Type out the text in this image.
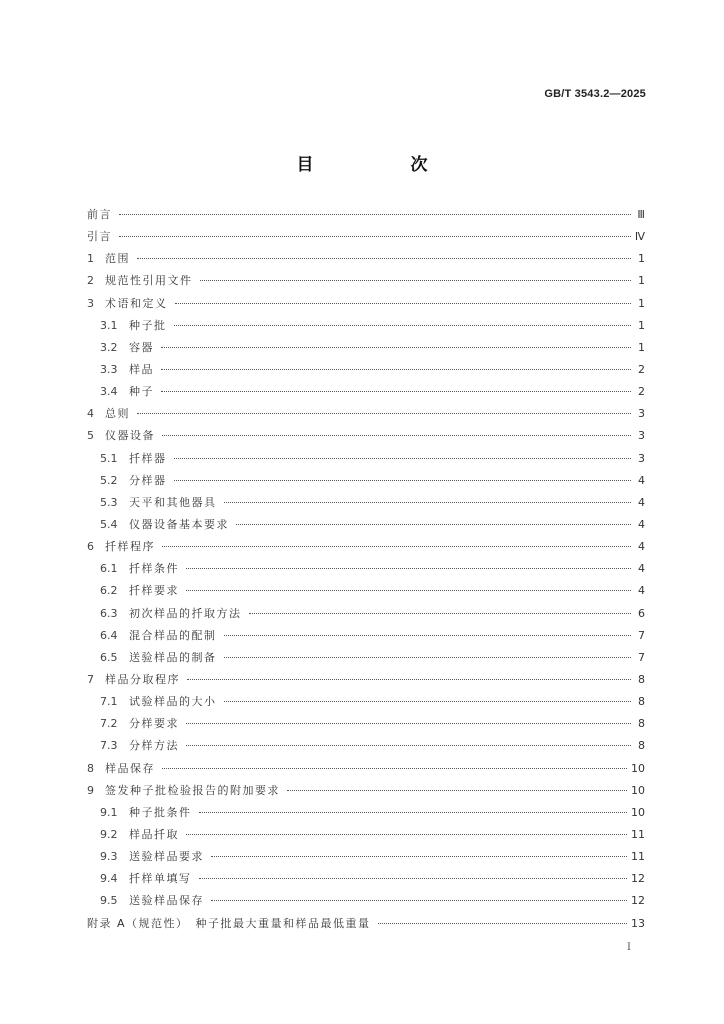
GB/T 3543.2—2025
目　次
前言	Ⅲ
引言	Ⅳ
1	范围	1
2	规范性引用文件	1
3	术语和定义	1
3.1	种子批	1
3.2	容器	1
3.3	样品	2
3.4	种子	2
4	总则	3
5	仪器设备	3
5.1	扦样器	3
5.2	分样器	4
5.3	天平和其他器具	4
5.4	仪器设备基本要求	4
6	扦样程序	4
6.1	扦样条件	4
6.2	扦样要求	4
6.3	初次样品的扦取方法	6
6.4	混合样品的配制	7
6.5	送验样品的制备	7
7	样品分取程序	8
7.1	试验样品的大小	8
7.2	分样要求	8
7.3	分样方法	8
8	样品保存	10
9	签发种子批检验报告的附加要求	10
9.1	种子批条件	10
9.2	样品扦取	11
9.3	送验样品要求	11
9.4	扦样单填写	12
9.5	送验样品保存	12
附录 A（规范性）　种子批最大重量和样品最低重量	13
I
